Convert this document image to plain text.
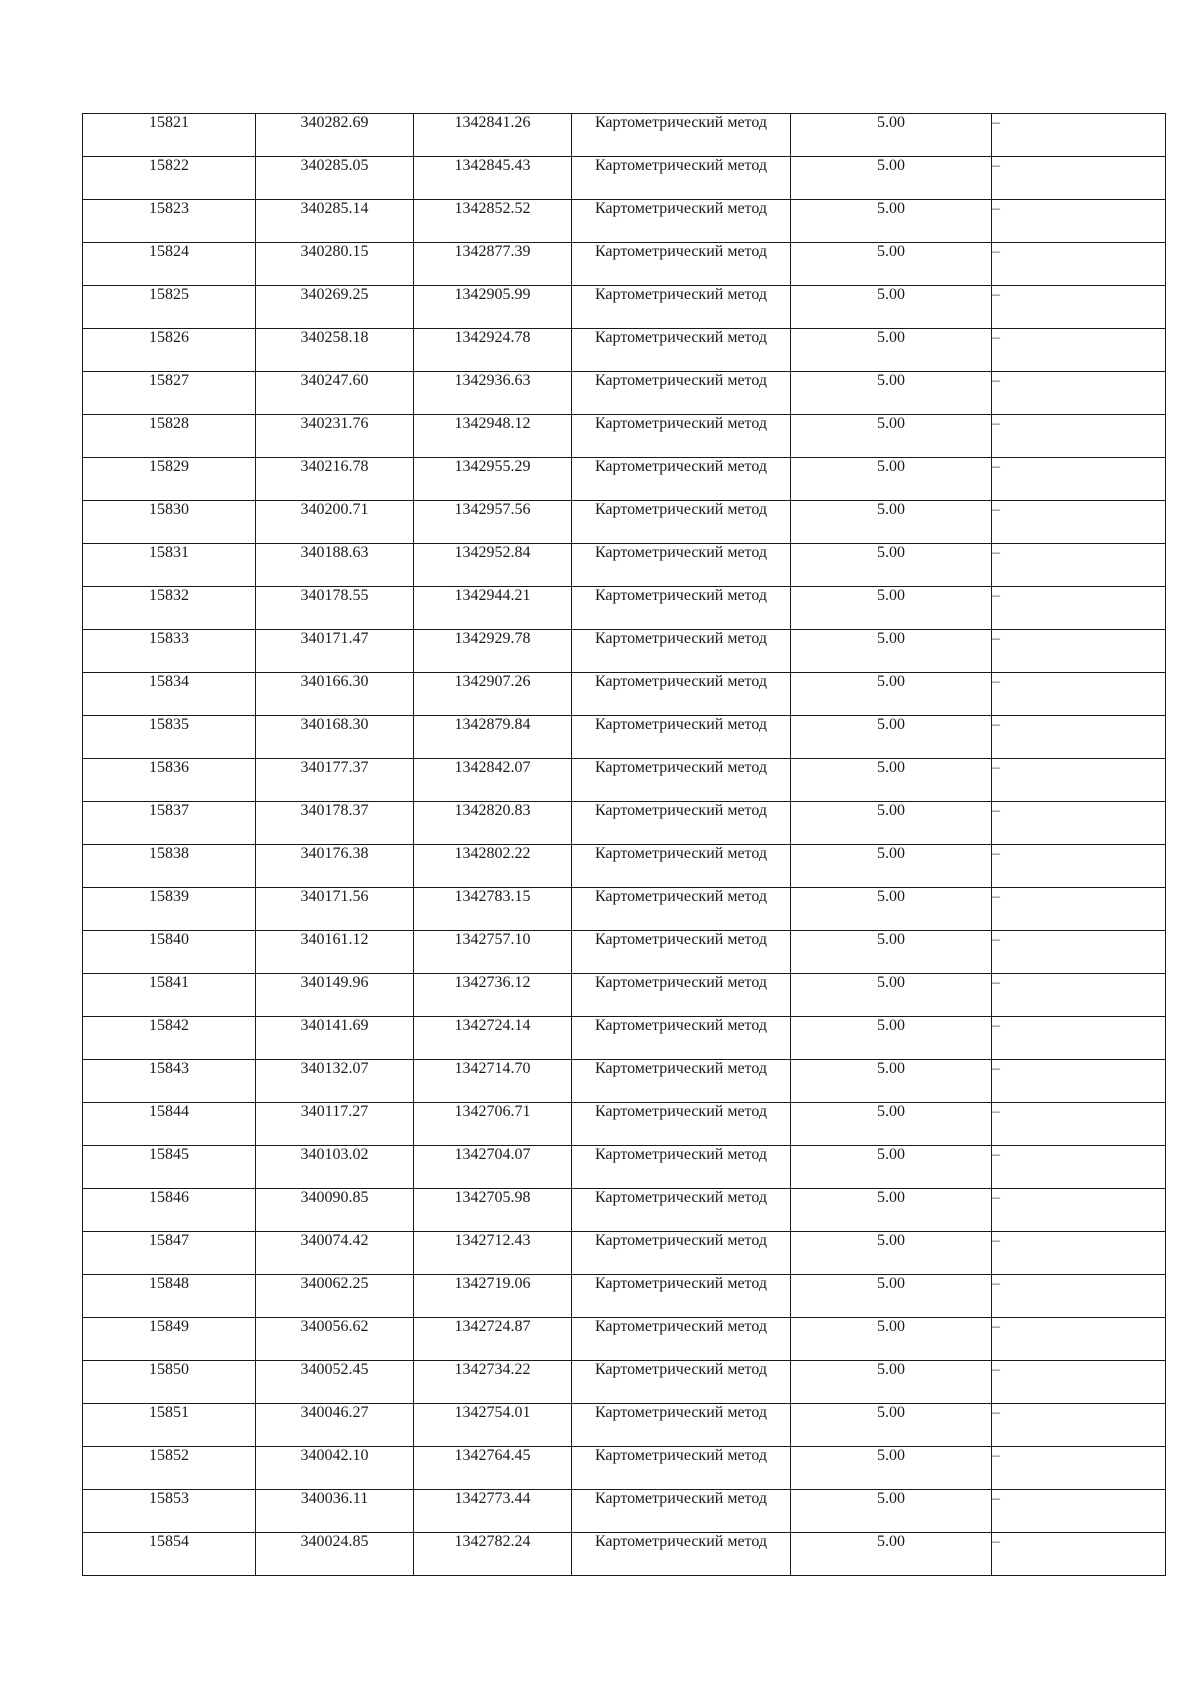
15821	340282.69	1342841.26	Картометрический метод	5.00	–
15822	340285.05	1342845.43	Картометрический метод	5.00	–
15823	340285.14	1342852.52	Картометрический метод	5.00	–
15824	340280.15	1342877.39	Картометрический метод	5.00	–
15825	340269.25	1342905.99	Картометрический метод	5.00	–
15826	340258.18	1342924.78	Картометрический метод	5.00	–
15827	340247.60	1342936.63	Картометрический метод	5.00	–
15828	340231.76	1342948.12	Картометрический метод	5.00	–
15829	340216.78	1342955.29	Картометрический метод	5.00	–
15830	340200.71	1342957.56	Картометрический метод	5.00	–
15831	340188.63	1342952.84	Картометрический метод	5.00	–
15832	340178.55	1342944.21	Картометрический метод	5.00	–
15833	340171.47	1342929.78	Картометрический метод	5.00	–
15834	340166.30	1342907.26	Картометрический метод	5.00	–
15835	340168.30	1342879.84	Картометрический метод	5.00	–
15836	340177.37	1342842.07	Картометрический метод	5.00	–
15837	340178.37	1342820.83	Картометрический метод	5.00	–
15838	340176.38	1342802.22	Картометрический метод	5.00	–
15839	340171.56	1342783.15	Картометрический метод	5.00	–
15840	340161.12	1342757.10	Картометрический метод	5.00	–
15841	340149.96	1342736.12	Картометрический метод	5.00	–
15842	340141.69	1342724.14	Картометрический метод	5.00	–
15843	340132.07	1342714.70	Картометрический метод	5.00	–
15844	340117.27	1342706.71	Картометрический метод	5.00	–
15845	340103.02	1342704.07	Картометрический метод	5.00	–
15846	340090.85	1342705.98	Картометрический метод	5.00	–
15847	340074.42	1342712.43	Картометрический метод	5.00	–
15848	340062.25	1342719.06	Картометрический метод	5.00	–
15849	340056.62	1342724.87	Картометрический метод	5.00	–
15850	340052.45	1342734.22	Картометрический метод	5.00	–
15851	340046.27	1342754.01	Картометрический метод	5.00	–
15852	340042.10	1342764.45	Картометрический метод	5.00	–
15853	340036.11	1342773.44	Картометрический метод	5.00	–
15854	340024.85	1342782.24	Картометрический метод	5.00	–
